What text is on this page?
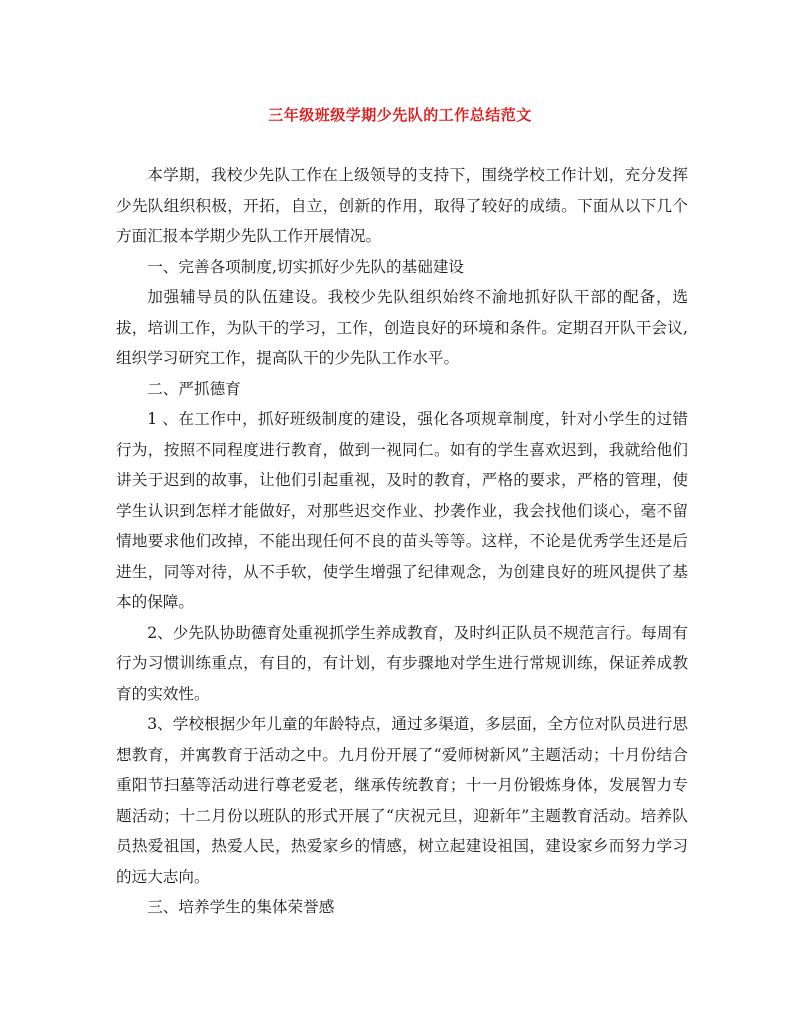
三年级班级学期少先队的工作总结范文

本学期，我校少先队工作在上级领导的支持下，围绕学校工作计划，充分发挥少先队组织积极，开拓，自立，创新的作用，取得了较好的成绩。下面从以下几个方面汇报本学期少先队工作开展情况。

一、完善各项制度,切实抓好少先队的基础建设

加强辅导员的队伍建设。我校少先队组织始终不渝地抓好队干部的配备，选拔，培训工作，为队干的学习，工作，创造良好的环境和条件。定期召开队干会议,组织学习研究工作，提高队干的少先队工作水平。

二、严抓德育

1 、在工作中，抓好班级制度的建设，强化各项规章制度，针对小学生的过错行为，按照不同程度进行教育，做到一视同仁。如有的学生喜欢迟到，我就给他们讲关于迟到的故事，让他们引起重视，及时的教育，严格的要求，严格的管理，使学生认识到怎样才能做好，对那些迟交作业、抄袭作业，我会找他们谈心，毫不留情地要求他们改掉，不能出现任何不良的苗头等等。这样，不论是优秀学生还是后进生，同等对待，从不手软，使学生增强了纪律观念，为创建良好的班风提供了基本的保障。

2、少先队协助德育处重视抓学生养成教育，及时纠正队员不规范言行。每周有行为习惯训练重点，有目的，有计划，有步骤地对学生进行常规训练，保证养成教育的实效性。

3、学校根据少年儿童的年龄特点，通过多渠道，多层面，全方位对队员进行思想教育，并寓教育于活动之中。九月份开展了“爱师树新风”主题活动；十月份结合重阳节扫墓等活动进行尊老爱老，继承传统教育；十一月份锻炼身体，发展智力专题活动；十二月份以班队的形式开展了“庆祝元旦，迎新年”主题教育活动。培养队员热爱祖国，热爱人民，热爱家乡的情感，树立起建设祖国，建设家乡而努力学习的远大志向。

三、培养学生的集体荣誉感
